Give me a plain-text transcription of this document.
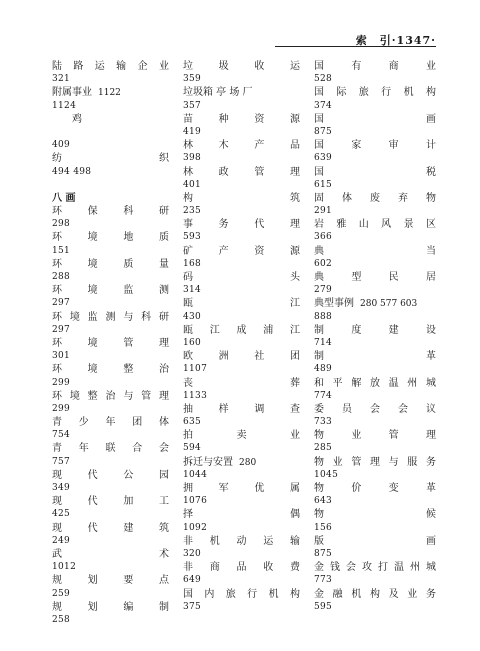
索　引·1347·
陆 路 运 输 企 业
321
附属事业 1122
1124
　　鸡
409
纺	织
494 498
八 画
环	保	科	研
298
环	境	地	质
151
环	境	质	量
288
环	境	监	测
297
环 境 监 测 与 科 研
297
环	境	管	理
301
环	境	整	治
299
环 境 整 治 与 管 理
299
青 少 年 团 体
754
青 年 联 合 会
757
现	代	公	园
349
现	代	加	工
425
现	代	建	筑
249
武	术
1012
规	划	要	点
259
规	划	编	制
258
垃	圾	收	运
359
垃圾箱 亭 场 厂
357
苗	种	资	源
419
林	木	产	品
398
林	政	管	理
401
构	筑
235
事	务	代	理
593
矿	产	资	源
168
码	头
314
瓯	江
430
瓯 江 成 浦 江
160
欧	洲	社	团
1107
丧	葬
1133
抽	样	调	查
635
拍	卖	业
594
拆迁与安置 280
1044
拥	军	优	属
1076
择	偶
1092
非 机 动 运 输
320
非 商 品 收 费
649
国 内 旅 行 机 构
375
国	有	商	业
528
国 际 旅 行 机 构
374
国	画
875
国	家	审	计
639
国	税
615
固 体 废 弃 物
291
岩 雅 山 风 景 区
366
典	当
602
典	型	民	居
279
典型事例 280 577 603
888
制	度	建	设
714
制	革
489
和 平 解 放 温 州 城
774
委 员 会 会 议
733
物	业	管	理
285
物 业 管 理 与 服 务
1045
物	价	变	革
643
物	候
156
版	画
875
金 钱 会 攻 打 温 州 城
773
金 融 机 构 及 业 务
595
